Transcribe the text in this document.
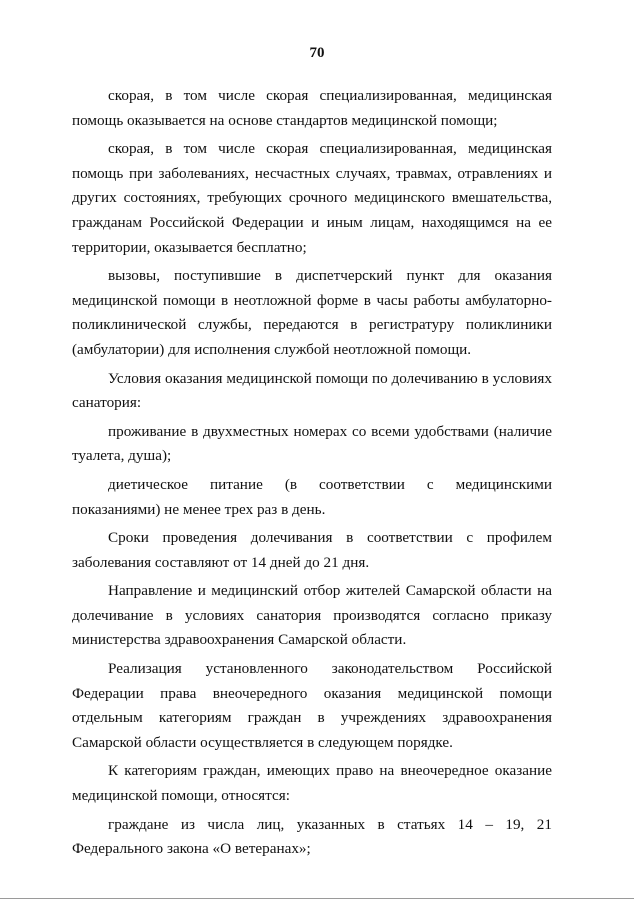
70

скорая, в том числе скорая специализированная, медицинская помощь оказывается на основе стандартов медицинской помощи;

скорая, в том числе скорая специализированная, медицинская помощь при заболеваниях, несчастных случаях, травмах, отравлениях и других состояниях, требующих срочного медицинского вмешательства, гражданам Российской Федерации и иным лицам, находящимся на ее территории, оказывается бесплатно;

вызовы, поступившие в диспетчерский пункт для оказания медицинской помощи в неотложной форме в часы работы амбулаторно-поликлинической службы, передаются в регистратуру поликлиники (амбулатории) для исполнения службой неотложной помощи.

Условия оказания медицинской помощи по долечиванию в условиях санатория:

проживание в двухместных номерах со всеми удобствами (наличие туалета, душа);

диетическое питание (в соответствии с медицинскими показаниями) не менее трех раз в день.

Сроки проведения долечивания в соответствии с профилем заболевания составляют от 14 дней до 21 дня.

Направление и медицинский отбор жителей Самарской области на долечивание в условиях санатория производятся согласно приказу министерства здравоохранения Самарской области.

Реализация установленного законодательством Российской Федерации права внеочередного оказания медицинской помощи отдельным категориям граждан в учреждениях здравоохранения Самарской области осуществляется в следующем порядке.

К категориям граждан, имеющих право на внеочередное оказание медицинской помощи, относятся:

граждане из числа лиц, указанных в статьях 14 – 19, 21 Федерального закона «О ветеранах»;
